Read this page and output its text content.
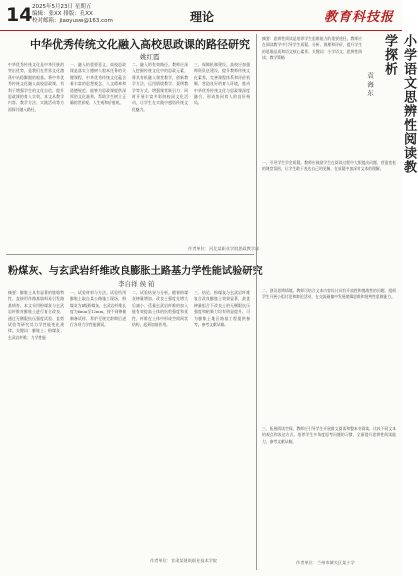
14 2025年5月23日 星期五
编辑：张XX 排版：孔XX
校对邮箱：jiaoyusw@163.com	理论	教育科技报
中华优秀传统文化融入高校思政课的路径研究
姚红霞
中华优秀传统文化是中华民族的突出优势，是我们在世界文化激荡中站稳脚跟的根基。将中华优秀传统文化融入高校思政课，有利于增强学生的文化自信，提升思政课的育人实效。本文从教学内容、教学方法、实践活动等方面探讨融入路径。
一、融入的重要意义。高校思政课是落实立德树人根本任务的关键课程，中华优秀传统文化蕴含着丰富的思想观念、人文精神和道德规范，能够为思政课提供深厚的文化滋养，帮助学生树立正确的世界观、人生观和价值观。
二、融入的有效路径。教师应深入挖掘传统文化中的思政元素，将其有机融入课堂教学，创新教学方法，运用情境教学、案例教学等方式，增强课堂吸引力；同时开展丰富多彩的校园文化活动，让学生在实践中感悟传统文化魅力。
三、保障机制建设。高校应加强师资队伍建设，提升教师传统文化素养，完善课程体系和评价机制，营造良好的育人环境，推动中华优秀传统文化与思政课深度融合，形成协同育人的良好格局。
作者单位：河北某职业学院思政教学部
粉煤灰、与玄武岩纤维改良膨胀土路基力学性能试验研究
李自祥 侯 铂
摘要：膨胀土具有显著的胀缩特性，直接用作路基填料易引发路基病害。本文采用粉煤灰与玄武岩纤维对膨胀土进行复合改良，通过无侧限抗压强度试验、直剪试验等研究其力学性能变化规律。关键词：膨胀土；粉煤灰；玄武岩纤维；力学性能
一、试验材料与方法。试验所用膨胀土取自某公路施工现场，粉煤灰为Ⅱ级粉煤灰，玄武岩纤维长度为6mm至12mm。按不同掺量制备试样，养护至规定龄期后进行各项力学性能测试。
二、试验结果与分析。随着粉煤灰掺量增加，改良土强度先增大后减小；适量玄武岩纤维的加入能有效提高土体的抗剪强度和延性，纤维在土体中形成空间网状结构，起到加筋作用。
三、结论。粉煤灰与玄武岩纤维复合改良膨胀土效果显著，最优掺量组合下改良土的无侧限抗压强度和粘聚力均有明显提升，可为膨胀土地区路基工程提供参考。参考文献从略。
作者单位：甘肃某建筑职业技术学院
小学语文思辨性阅读教学探析
袁 海 东
摘要：思辨性阅读是培养学生思维能力的重要途径。教师应在阅读教学中引导学生质疑、分析、推理和评价，提升学生的思维品质和语文核心素养。关键词：小学语文；思辨性阅读；教学策略
一、引导学生学会质疑。教师应鼓励学生在阅读过程中大胆提出问题，营造宽松的课堂氛围，让学生敢于表达自己的见解，在质疑中加深对文本的理解。
二、创设思辨情境。教师可结合文本内容设计具有开放性和挑战性的问题，组织学生开展小组讨论和辩论活动，在交流碰撞中发展逻辑思维和批判性思维能力。
三、拓展阅读空间。教师应引导学生开展群文阅读和整本书阅读，比较不同文本的观点和表达方式，培养学生多角度思考问题的习惯，全面提升思辨性阅读能力。参考文献从略。
作者单位：兰州市城关区某小学
